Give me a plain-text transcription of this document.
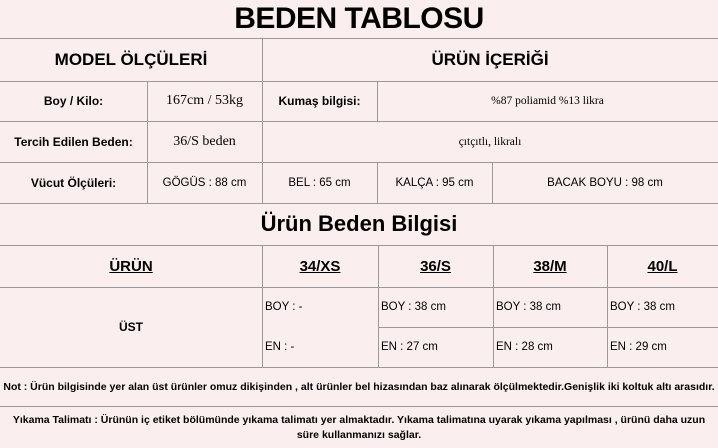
BEDEN TABLOSU
MODEL ÖLÇÜLERİ	ÜRÜN İÇERİĞİ
Boy / Kilo:	167cm / 53kg	Kumaş bilgisi:	%87 poliamid %13 likra
Tercih Edilen Beden:	36/S beden	çıtçıtlı, likralı
Vücut Ölçüleri:	GÖGÜS : 88 cm	BEL : 65 cm	KALÇA : 95 cm	BACAK BOYU : 98 cm
Ürün Beden Bilgisi
ÜRÜN	34/XS	36/S	38/M	40/L
ÜST
BOY : -	BOY : 38 cm	BOY : 38 cm	BOY : 38 cm
EN : -	EN : 27 cm	EN : 28 cm	EN : 29 cm
Not : Ürün bilgisinde yer alan üst ürünler omuz dikişinden , alt ürünler bel hizasından baz alınarak ölçülmektedir.Genişlik iki koltuk altı arasıdır.
Yıkama Talimatı : Ürünün iç etiket bölümünde yıkama talimatı yer almaktadır. Yıkama talimatına uyarak yıkama yapılması , ürünü daha uzun süre kullanmanızı sağlar.
